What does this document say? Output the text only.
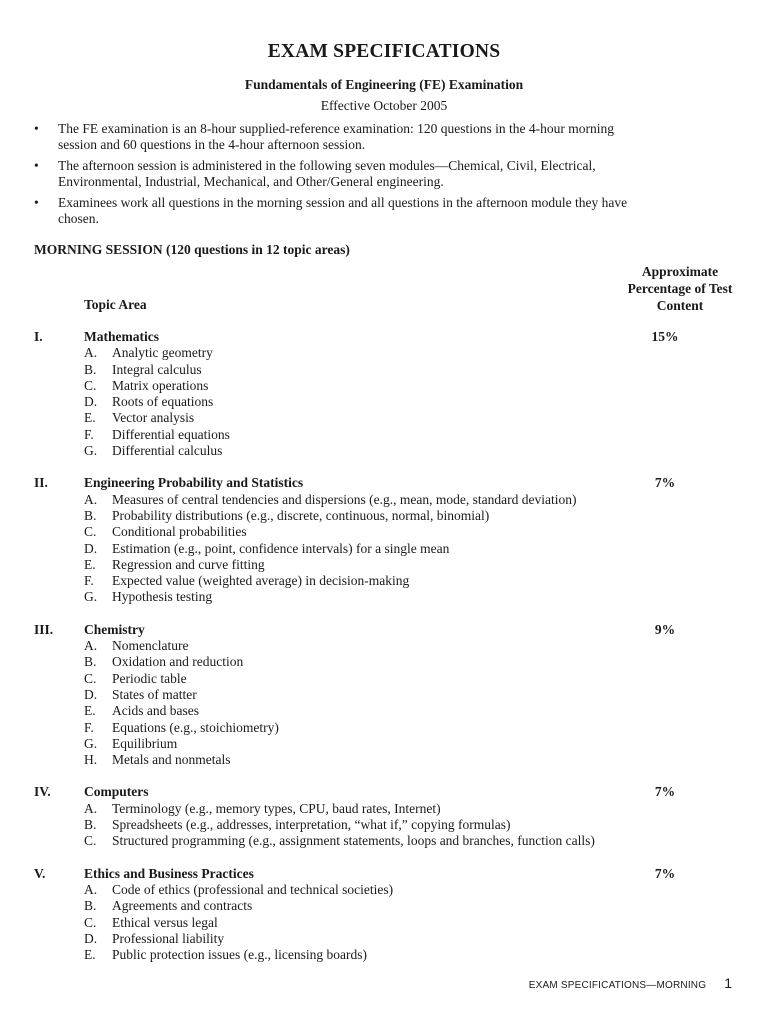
EXAM SPECIFICATIONS
Fundamentals of Engineering (FE) Examination
Effective October 2005
•	The FE examination is an 8-hour supplied-reference examination: 120 questions in the 4-hour morning session and 60 questions in the 4-hour afternoon session.
•	The afternoon session is administered in the following seven modules—Chemical, Civil, Electrical, Environmental, Industrial, Mechanical, and Other/General engineering.
•	Examinees work all questions in the morning session and all questions in the afternoon module they have chosen.
MORNING SESSION (120 questions in 12 topic areas)
Approximate
Percentage of Test
Content
Topic Area
I.	Mathematics	15%
A.	Analytic geometry
B.	Integral calculus
C.	Matrix operations
D.	Roots of equations
E.	Vector analysis
F.	Differential equations
G.	Differential calculus
II.	Engineering Probability and Statistics	7%
A.	Measures of central tendencies and dispersions (e.g., mean, mode, standard deviation)
B.	Probability distributions (e.g., discrete, continuous, normal, binomial)
C.	Conditional probabilities
D.	Estimation (e.g., point, confidence intervals) for a single mean
E.	Regression and curve fitting
F.	Expected value (weighted average) in decision-making
G.	Hypothesis testing
III.	Chemistry	9%
A.	Nomenclature
B.	Oxidation and reduction
C.	Periodic table
D.	States of matter
E.	Acids and bases
F.	Equations (e.g., stoichiometry)
G.	Equilibrium
H.	Metals and nonmetals
IV.	Computers	7%
A.	Terminology (e.g., memory types, CPU, baud rates, Internet)
B.	Spreadsheets (e.g., addresses, interpretation, “what if,” copying formulas)
C.	Structured programming (e.g., assignment statements, loops and branches, function calls)
V.	Ethics and Business Practices	7%
A.	Code of ethics (professional and technical societies)
B.	Agreements and contracts
C.	Ethical versus legal
D.	Professional liability
E.	Public protection issues (e.g., licensing boards)
EXAM SPECIFICATIONS—MORNING 1
